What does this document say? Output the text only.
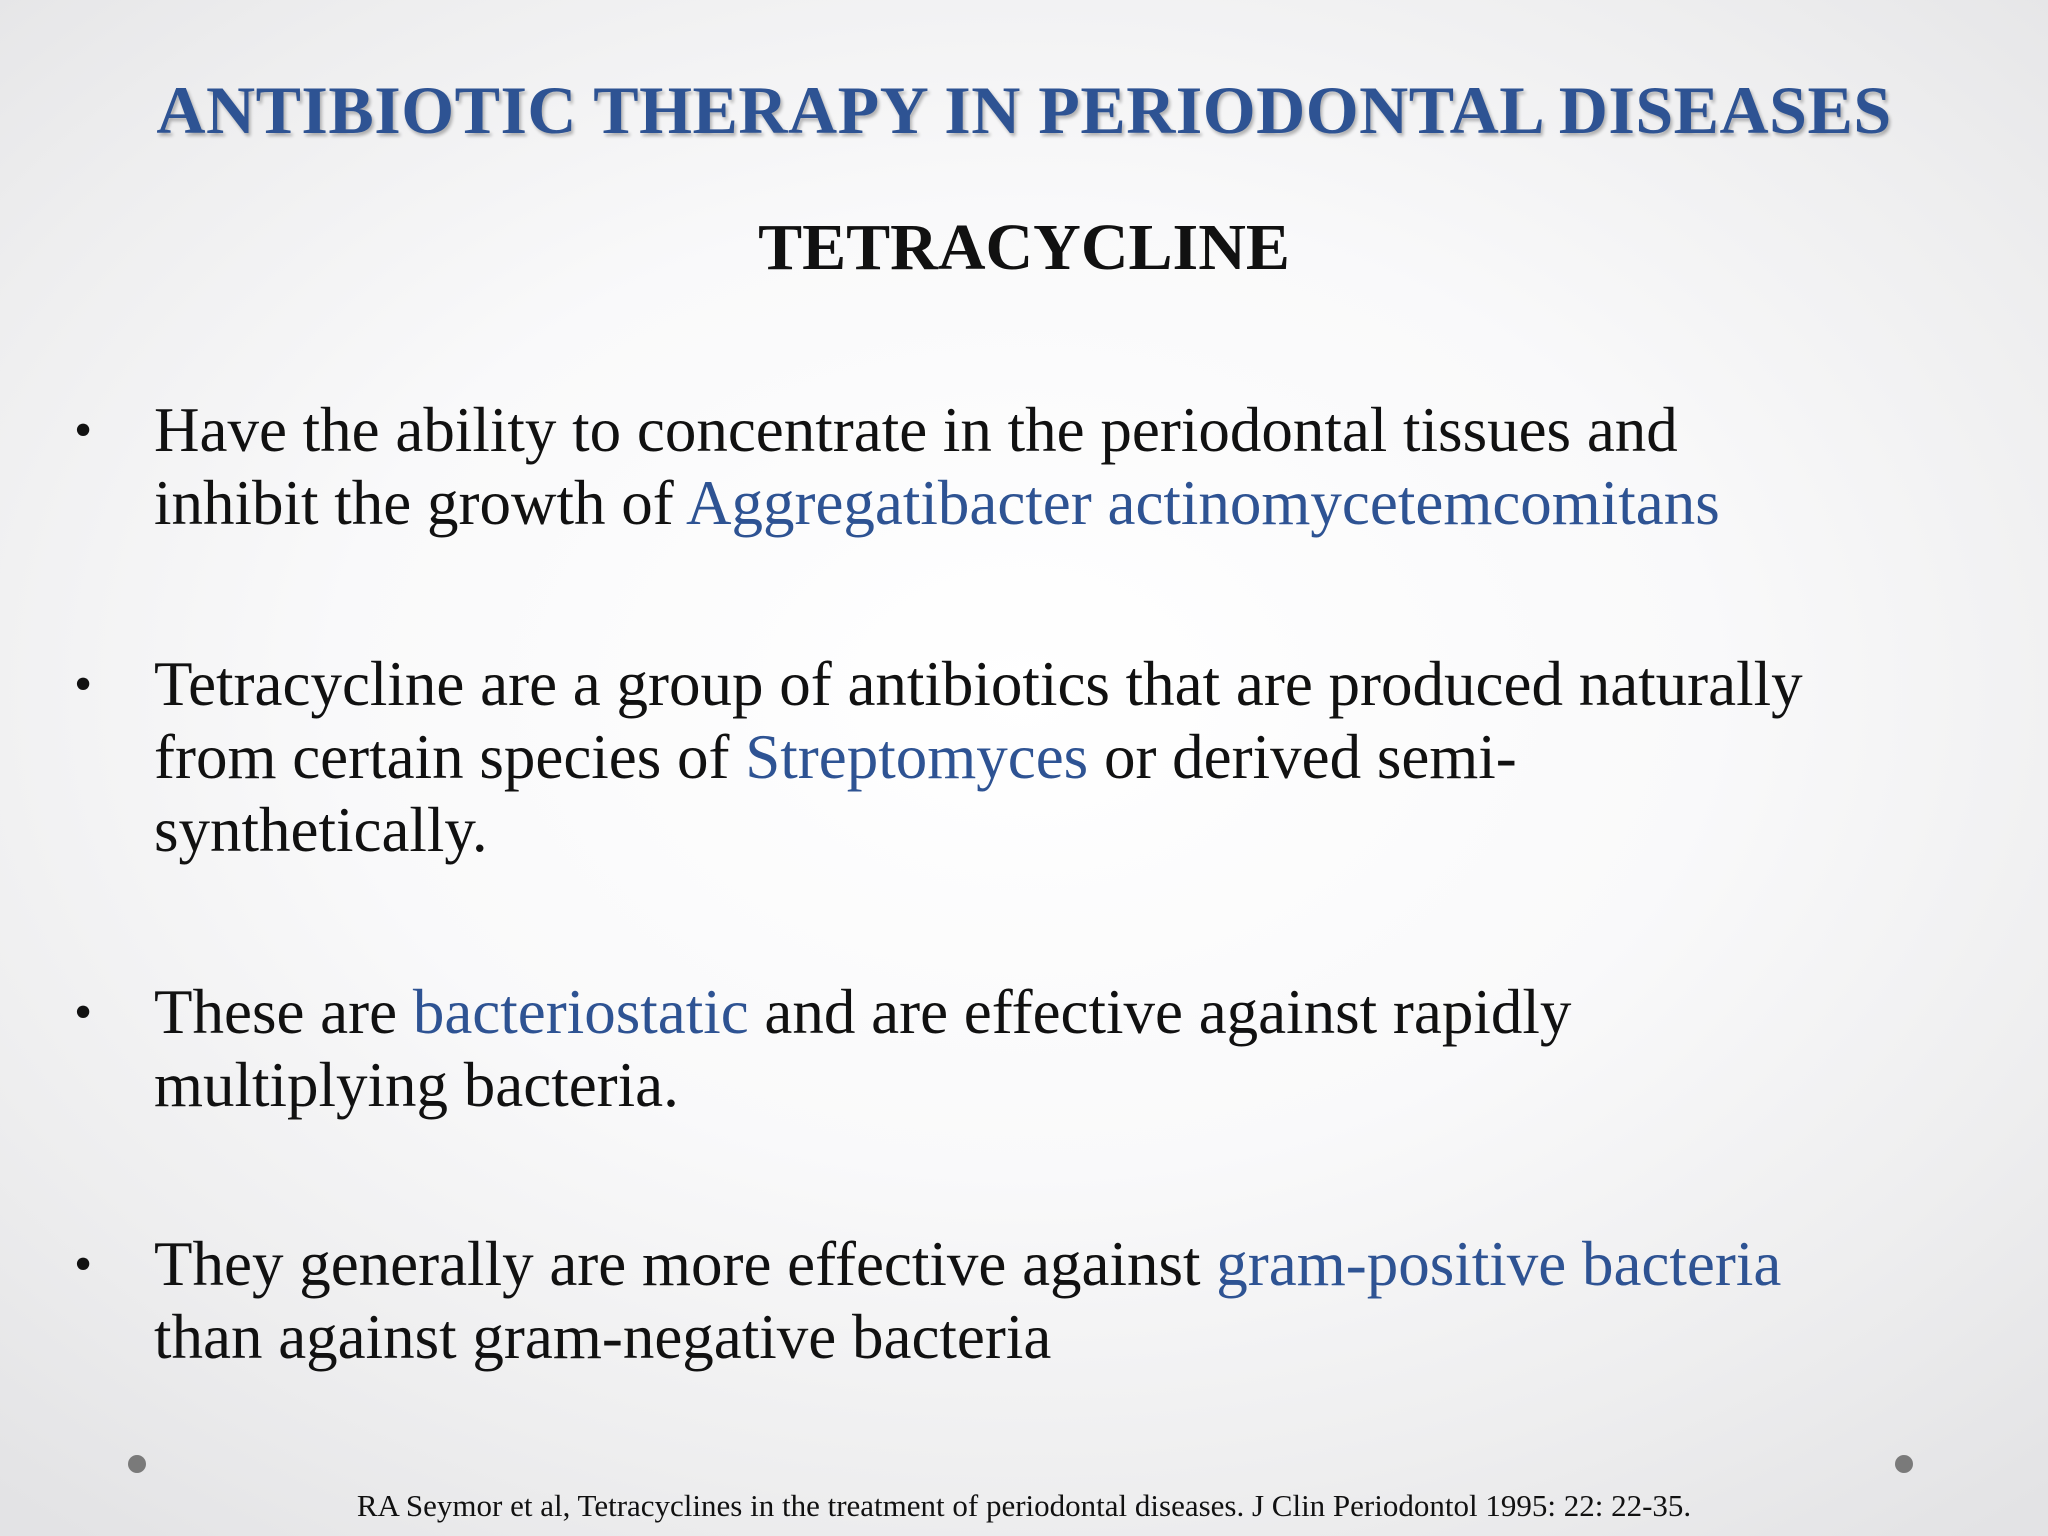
ANTIBIOTIC THERAPY IN PERIODONTAL DISEASES
TETRACYCLINE
• Have the ability to concentrate in the periodontal tissues and
inhibit the growth of Aggregatibacter actinomycetemcomitans
• Tetracycline are a group of antibiotics that are produced naturally
from certain species of Streptomyces or derived semi-
synthetically.
• These are bacteriostatic and are effective against rapidly
multiplying bacteria.
• They generally are more effective against gram-positive bacteria
than against gram-negative bacteria
RA Seymor et al, Tetracyclines in the treatment of periodontal diseases. J Clin Periodontol 1995: 22: 22-35.
